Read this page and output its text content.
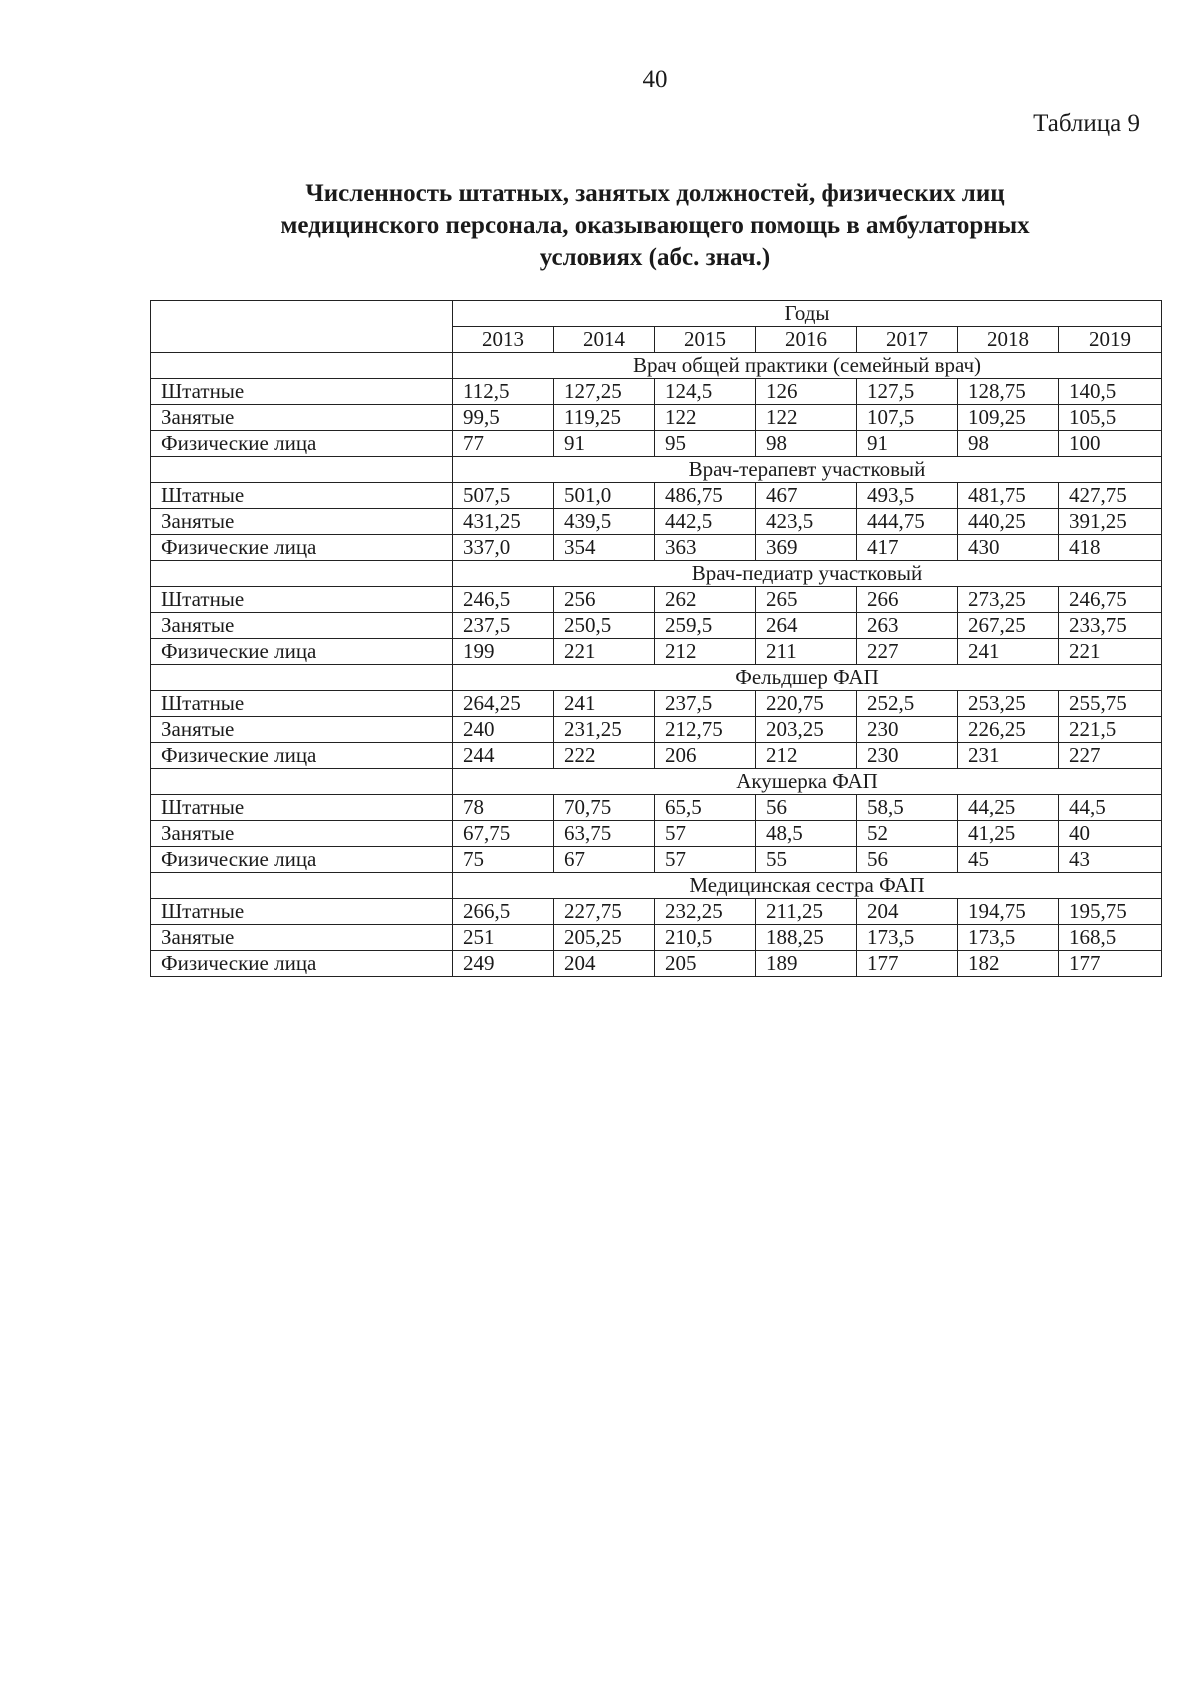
40
Таблица 9
Численность штатных, занятых должностей, физических лиц
медицинского персонала, оказывающего помощь в амбулаторных
условиях (абс. знач.)
	Годы						
	2013	2014	2015	2016	2017	2018	2019
	Врач общей практики (семейный врач)						
Штатные	112,5	127,25	124,5	126	127,5	128,75	140,5
Занятые	99,5	119,25	122	122	107,5	109,25	105,5
Физические лица	77	91	95	98	91	98	100
	Врач-терапевт участковый						
Штатные	507,5	501,0	486,75	467	493,5	481,75	427,75
Занятые	431,25	439,5	442,5	423,5	444,75	440,25	391,25
Физические лица	337,0	354	363	369	417	430	418
	Врач-педиатр участковый						
Штатные	246,5	256	262	265	266	273,25	246,75
Занятые	237,5	250,5	259,5	264	263	267,25	233,75
Физические лица	199	221	212	211	227	241	221
	Фельдшер ФАП						
Штатные	264,25	241	237,5	220,75	252,5	253,25	255,75
Занятые	240	231,25	212,75	203,25	230	226,25	221,5
Физические лица	244	222	206	212	230	231	227
	Акушерка ФАП						
Штатные	78	70,75	65,5	56	58,5	44,25	44,5
Занятые	67,75	63,75	57	48,5	52	41,25	40
Физические лица	75	67	57	55	56	45	43
	Медицинская сестра ФАП						
Штатные	266,5	227,75	232,25	211,25	204	194,75	195,75
Занятые	251	205,25	210,5	188,25	173,5	173,5	168,5
Физические лица	249	204	205	189	177	182	177
